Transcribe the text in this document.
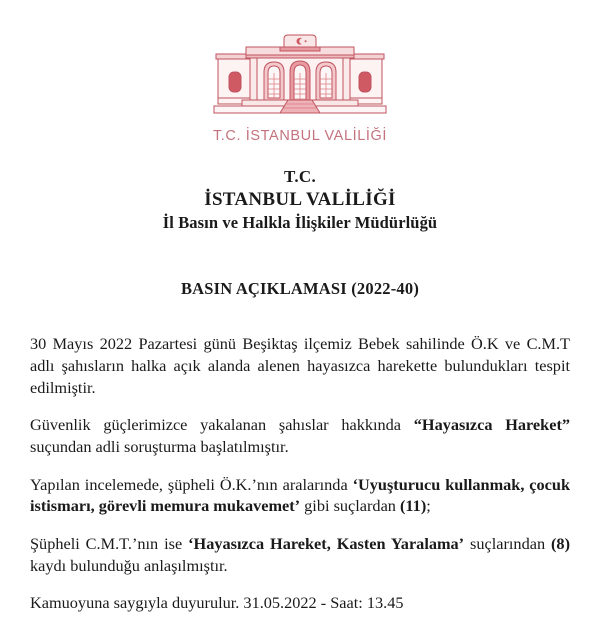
T.C. İSTANBUL VALİLİĞİ
T.C.
İSTANBUL VALİLİĞİ
İl Basın ve Halkla İlişkiler Müdürlüğü
BASIN AÇIKLAMASI (2022-40)

30 Mayıs 2022 Pazartesi günü Beşiktaş ilçemiz Bebek sahilinde Ö.K ve C.M.T adlı şahısların halka açık alanda alenen hayasızca harekette bulundukları tespit edilmiştir.

Güvenlik güçlerimizce yakalanan şahıslar hakkında “Hayasızca Hareket” suçundan adli soruşturma başlatılmıştır.

Yapılan incelemede, şüpheli Ö.K.’nın aralarında ‘Uyuşturucu kullanmak, çocuk istismarı, görevli memura mukavemet’ gibi suçlardan (11);

Şüpheli C.M.T.’nın ise ‘Hayasızca Hareket, Kasten Yaralama’ suçlarından (8) kaydı bulunduğu anlaşılmıştır.

Kamuoyuna saygıyla duyurulur. 31.05.2022 - Saat: 13.45
